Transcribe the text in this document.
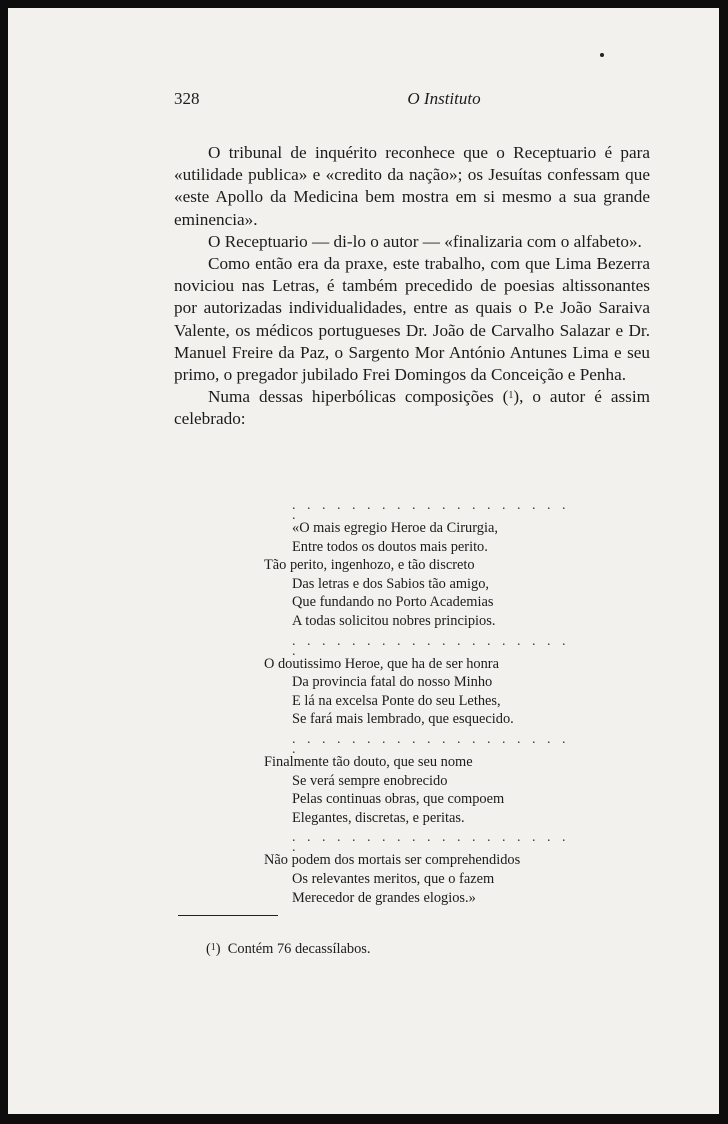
328	O Instituto

O tribunal de inquérito reconhece que o Receptuario é para «utilidade publica» e «credito da nação»; os Jesuítas confessam que «este Apollo da Medicina bem mostra em si mesmo a sua grande eminencia».

O Receptuario — di-lo o autor — «finalizaria com o alfabeto».

Como então era da praxe, este trabalho, com que Lima Bezerra noviciou nas Letras, é também precedido de poesias altissonantes por autorizadas individualidades, entre as quais o P.e João Saraiva Valente, os médicos portugueses Dr. João de Carvalho Salazar e Dr. Manuel Freire da Paz, o Sargento Mor António Antunes Lima e seu primo, o pregador jubilado Frei Domingos da Conceição e Penha.

Numa dessas hiperbólicas composições ($^1$), o autor é assim celebrado:

. . . . . . . . . . . . . . . . . . . .
«O mais egregio Heroe da Cirurgia,
Entre todos os doutos mais perito.
Tão perito, ingenhozo, e tão discreto
Das letras e dos Sabios tão amigo,
Que fundando no Porto Academias
A todas solicitou nobres principios.
. . . . . . . . . . . . . . . . . . . .
O doutissimo Heroe, que ha de ser honra
Da provincia fatal do nosso Minho
E lá na excelsa Ponte do seu Lethes,
Se fará mais lembrado, que esquecido.
. . . . . . . . . . . . . . . . . . . .
Finalmente tão douto, que seu nome
Se verá sempre enobrecido
Pelas continuas obras, que compoem
Elegantes, discretas, e peritas.
. . . . . . . . . . . . . . . . . . . .
Não podem dos mortais ser comprehendidos
Os relevantes meritos, que o fazem
Merecedor de grandes elogios.»
($^1$)  Contém 76 decassílabos.
